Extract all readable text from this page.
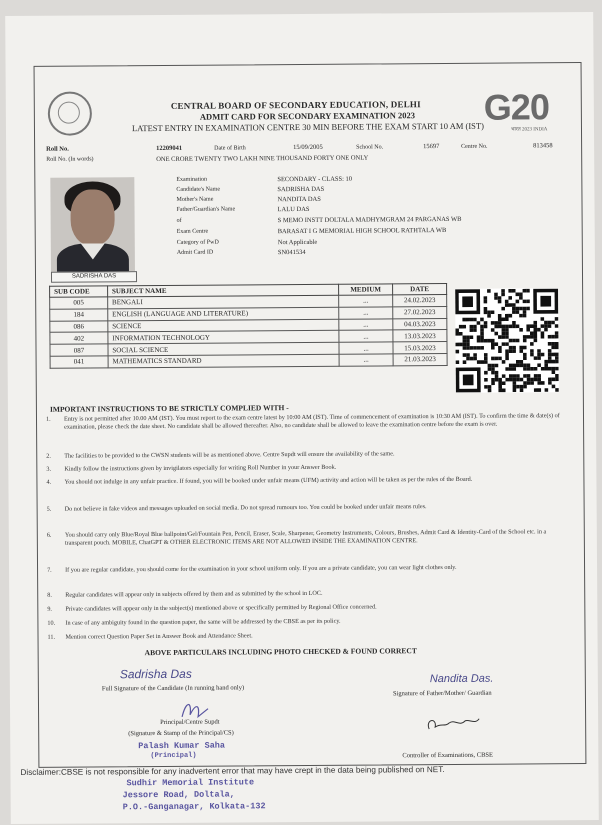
CENTRAL BOARD OF SECONDARY EDUCATION, DELHI
ADMIT CARD FOR SECONDARY EXAMINATION 2023
LATEST ENTRY IN EXAMINATION CENTRE 30 MIN BEFORE THE EXAM START 10 AM (IST) G20
भारत 2023 INDIA
Roll No.	12209041	Date of Birth	15/09/2005	School No.	15697	Centre No.	813458
Roll No. (In words)	ONE CRORE TWENTY TWO LAKH NINE THOUSAND FORTY ONE ONLY
SADRISHA DAS
Examination	SECONDARY - CLASS: 10
Candidate's Name	SADRISHA DAS
Mother's Name	NANDITA DAS
Father/Guardian's Name	LALU DAS
of	S MEMO INSTT DOLTALA MADHYMGRAM 24 PARGANAS WB
Exam Centre	BARASAT I G MEMORIAL HIGH SCHOOL RATHTALA WB
Category of PwD	Not Applicable
Admit Card ID	SN041534
SUB CODE	SUBJECT NAME	MEDIUM	DATE
005	BENGALI	...	24.02.2023
184	ENGLISH (LANGUAGE AND LITERATURE)	...	27.02.2023
086	SCIENCE	...	04.03.2023
402	INFORMATION TECHNOLOGY	...	13.03.2023
087	SOCIAL SCIENCE	...	15.03.2023
041	MATHEMATICS STANDARD	...	21.03.2023
IMPORTANT INSTRUCTIONS TO BE STRICTLY COMPLIED WITH -
1. Entry is not permitted after 10.00 AM (IST). You must report to the exam centre latest by 10:00 AM (IST). Time of commencement of examination is 10:30 AM (IST). To confirm the time & date(s) of examination, please check the date sheet. No candidate shall be allowed thereafter. Also, no candidate shall be allowed to leave the examination centre before the exam is over.
2. The facilities to be provided to the CWSN students will be as mentioned above. Centre Supdt will ensure the availability of the same.
3. Kindly follow the instructions given by invigilators especially for writing Roll Number in your Answer Book.
4. You should not indulge in any unfair practice. If found, you will be booked under unfair means (UFM) activity and action will be taken as per the rules of the Board.
5. Do not believe in fake videos and messages uploaded on social media. Do not spread rumours too. You could be booked under unfair means rules.
6. You should carry only Blue/Royal Blue ballpoint/Gel/Fountain Pen, Pencil, Eraser, Scale, Sharpener, Geometry Instruments, Colours, Brushes, Admit Card & Identity-Card of the School etc. in a transparent pouch. MOBILE, ChatGPT & OTHER ELECTRONIC ITEMS ARE NOT ALLOWED INSIDE THE EXAMINATION CENTRE.
7. If you are regular candidate, you should come for the examination in your school uniform only. If you are a private candidate, you can wear light clothes only.
8. Regular candidates will appear only in subjects offered by them and as submitted by the school in LOC.
9. Private candidates will appear only in the subject(s) mentioned above or specifically permitted by Regional Office concerned.
10. In case of any ambiguity found in the question paper, the same will be addressed by the CBSE as per its policy.
11. Mention correct Question Paper Set in Answer Book and Attendance Sheet.
ABOVE PARTICULARS INCLUDING PHOTO CHECKED & FOUND CORRECT
Sadrisha Das
Full Signature of the Candidate (In running hand only)
Nandita Das.
Signature of Father/Mother/ Guardian
Principal/Centre Supdt
(Signature & Stamp of the Principal/CS)
Palash Kumar Saha
(Principal)	Controller of Examinations, CBSE
Disclaimer:CBSE is not responsible for any inadvertent error that may have crept in the data being published on NET.
Sudhir Memorial Institute
Jessore Road, Doltala,
P.O.-Ganganagar, Kolkata-132
